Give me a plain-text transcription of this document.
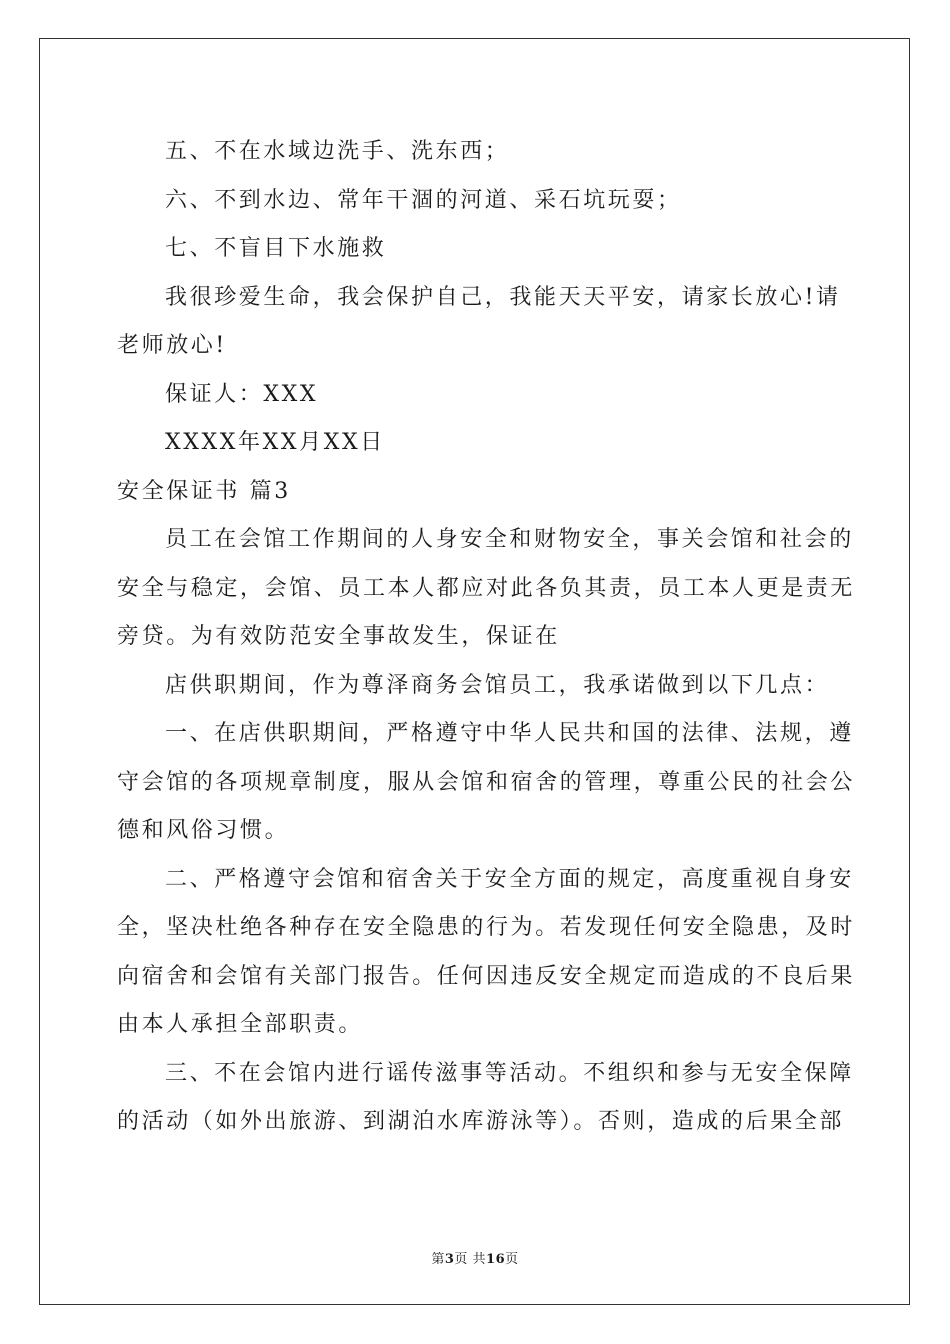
五、不在水域边洗手、洗东西；
六、不到水边、常年干涸的河道、采石坑玩耍；
七、不盲目下水施救
我很珍爱生命，我会保护自己，我能天天平安，请家长放心!请
老师放心!
保证人：XXX
XXXX年XX月XX日
安全保证书 篇3
员工在会馆工作期间的人身安全和财物安全，事关会馆和社会的
安全与稳定，会馆、员工本人都应对此各负其责，员工本人更是责无
旁贷。为有效防范安全事故发生，保证在
店供职期间，作为尊泽商务会馆员工，我承诺做到以下几点：
一、在店供职期间，严格遵守中华人民共和国的法律、法规，遵
守会馆的各项规章制度，服从会馆和宿舍的管理，尊重公民的社会公
德和风俗习惯。
二、严格遵守会馆和宿舍关于安全方面的规定，高度重视自身安
全，坚决杜绝各种存在安全隐患的行为。若发现任何安全隐患，及时
向宿舍和会馆有关部门报告。任何因违反安全规定而造成的不良后果
由本人承担全部职责。
三、不在会馆内进行谣传滋事等活动。不组织和参与无安全保障
的活动（如外出旅游、到湖泊水库游泳等）。否则，造成的后果全部
第3页 共16页
